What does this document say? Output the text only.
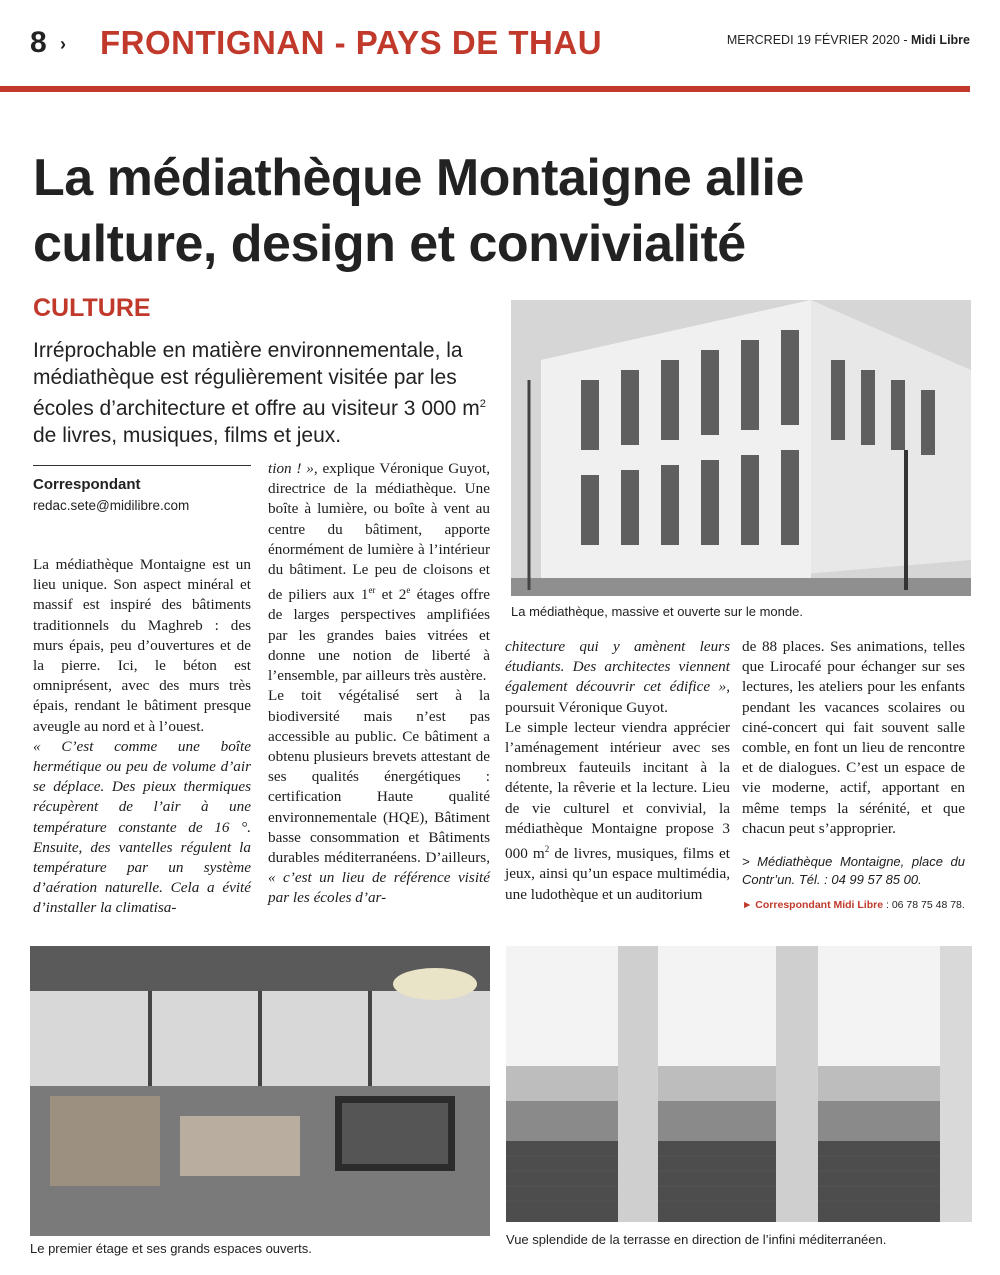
8 › FRONTIGNAN - PAYS DE THAU	MERCREDI 19 FÉVRIER 2020 - Midi Libre
La médiathèque Montaigne allie
culture, design et convivialité
CULTURE
Irréprochable en matière environnementale, la médiathèque est régulièrement visitée par les écoles d’architecture et offre au visiteur 3 000 $m^2$ de livres, musiques, films et jeux.
Correspondant
redac.sete@midilibre.com

La médiathèque Montaigne est un lieu unique. Son aspect minéral et massif est inspiré des bâtiments traditionnels du Maghreb : des murs épais, peu d’ouvertures et de la pierre. Ici, le béton est omniprésent, avec des murs très épais, rendant le bâtiment presque aveugle au nord et à l’ouest.

« C’est comme une boîte hermétique ou peu de volume d’air se déplace. Des pieux thermiques récupèrent de l’air à une température constante de 16 °. Ensuite, des vantelles régulent la température par un système d’aération naturelle. Cela a évité d’installer la climatisa-

tion ! », explique Véronique Guyot, directrice de la médiathèque. Une boîte à lumière, ou boîte à vent au centre du bâtiment, apporte énormément de lumière à l’intérieur du bâtiment. Le peu de cloisons et de piliers aux 1er et 2e étages offre de larges perspectives amplifiées par les grandes baies vitrées et donne une notion de liberté à l’ensemble, par ailleurs très austère.

Le toit végétalisé sert à la biodiversité mais n’est pas accessible au public. Ce bâtiment a obtenu plusieurs brevets attestant de ses qualités énergétiques : certification Haute qualité environnementale (HQE), Bâtiment basse consommation et Bâtiments durables méditerranéens. D’ailleurs, « c’est un lieu de référence visité par les écoles d’ar-

chitecture qui y amènent leurs étudiants. Des architectes viennent également découvrir cet édifice », poursuit Véronique Guyot.

Le simple lecteur viendra apprécier l’aménagement intérieur avec ses nombreux fauteuils incitant à la détente, la rêverie et la lecture. Lieu de vie culturel et convivial, la médiathèque Montaigne propose 3 000 $m^2$ de livres, musiques, films et jeux, ainsi qu’un espace multimédia, une ludothèque et un auditorium

de 88 places. Ses animations, telles que Lirocafé pour échanger sur ses lectures, les ateliers pour les enfants pendant les vacances scolaires ou ciné-concert qui fait souvent salle comble, en font un lieu de rencontre et de dialogues. C’est un espace de vie moderne, actif, apportant en même temps la sérénité, et que chacun peut s’approprier.

> Médiathèque Montaigne, place du Contr’un. Tél. : 04 99 57 85 00.
► Correspondant Midi Libre : 06 78 75 48 78.
La médiathèque, massive et ouverte sur le monde.
Le premier étage et ses grands espaces ouverts.
Vue splendide de la terrasse en direction de l’infini méditerranéen.
